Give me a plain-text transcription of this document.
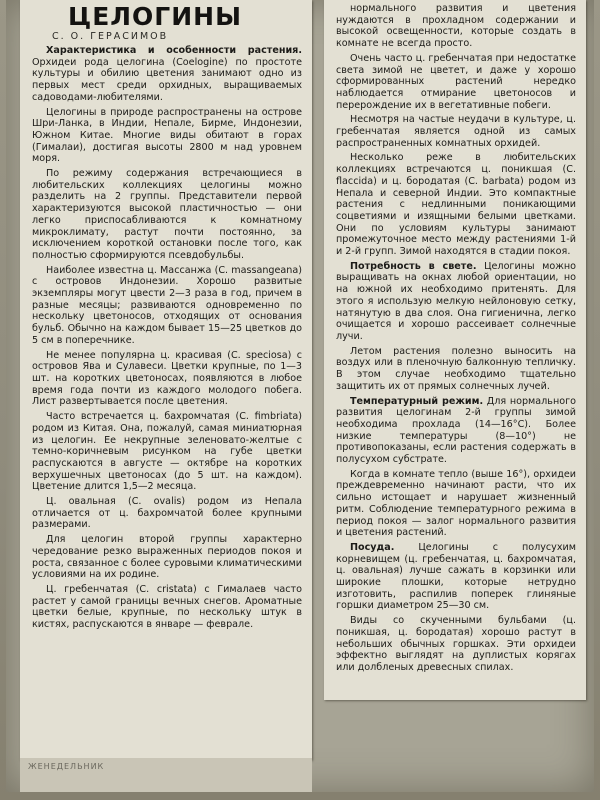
ЦЕЛОГИНЫ
С. О. ГЕРАСИМОВ

Характеристика и особенности растения. Орхидеи рода целогина (Coelogine) по простоте культуры и обилию цветения занимают одно из первых мест среди орхидных, выращиваемых садоводами-любителями.

Целогины в природе распространены на острове Шри-Ланка, в Индии, Непале, Бирме, Индонезии, Южном Китае. Многие виды обитают в горах (Гималаи), достигая высоты 2800 м над уровнем моря.

По режиму содержания встречающиеся в любительских коллекциях целогины можно разделить на 2 группы. Представители первой характеризуются высокой пластичностью — они легко приспосабливаются к комнатному микроклимату, растут почти постоянно, за исключением короткой остановки после того, как полностью сформируются псевдобульбы.

Наиболее известна ц. Массанжа (C. massangeana) с островов Индонезии. Хорошо развитые экземпляры могут цвести 2—3 раза в год, причем в разные месяцы; развиваются одновременно по нескольку цветоносов, отходящих от основания бульб. Обычно на каждом бывает 15—25 цветков до 5 см в поперечнике.

Не менее популярна ц. красивая (C. speciosa) с островов Ява и Сулавеси. Цветки крупные, по 1—3 шт. на коротких цветоносах, появляются в любое время года почти из каждого молодого побега. Лист развертывается после цветения.

Часто встречается ц. бахромчатая (C. fimbriata) родом из Китая. Она, пожалуй, самая миниатюрная из целогин. Ее некрупные зеленовато-желтые с темно-коричневым рисунком на губе цветки распускаются в августе — октябре на коротких верхушечных цветоносах (до 5 шт. на каждом). Цветение длится 1,5—2 месяца.

Ц. овальная (C. ovalis) родом из Непала отличается от ц. бахромчатой более крупными размерами.

Для целогин второй группы характерно чередование резко выраженных периодов покоя и роста, связанное с более суровыми климатическими условиями на их родине.

Ц. гребенчатая (C. cristata) с Гималаев часто растет у самой границы вечных снегов. Ароматные цветки белые, крупные, по нескольку штук в кистях, распускаются в январе — феврале.

нормального развития и цветения нуждаются в прохладном содержании и высокой освещенности, которые создать в комнате не всегда просто.

Очень часто ц. гребенчатая при недостатке света зимой не цветет, и даже у хорошо сформированных растений нередко наблюдается отмирание цветоносов и перерождение их в вегетативные побеги.

Несмотря на частые неудачи в культуре, ц. гребенчатая является одной из самых распространенных комнатных орхидей.

Несколько реже в любительских коллекциях встречаются ц. поникшая (C. flaccida) и ц. бородатая (C. barbata) родом из Непала и северной Индии. Это компактные растения с недлинными поникающими соцветиями и изящными белыми цветками. Они по условиям культуры занимают промежуточное место между растениями 1-й и 2-й групп. Зимой находятся в стадии покоя.

Потребность в свете. Целогины можно выращивать на окнах любой ориентации, но на южной их необходимо притенять. Для этого я использую мелкую нейлоновую сетку, натянутую в два слоя. Она гигиенична, легко очищается и хорошо рассеивает солнечные лучи.

Летом растения полезно выносить на воздух или в пленочную балконную тепличку. В этом случае необходимо тщательно защитить их от прямых солнечных лучей.

Температурный режим. Для нормального развития целогинам 2-й группы зимой необходима прохлада (14—16°С). Более низкие температуры (8—10°) не противопоказаны, если растения содержать в полусухом субстрате.

Когда в комнате тепло (выше 16°), орхидеи преждевременно начинают расти, что их сильно истощает и нарушает жизненный ритм. Соблюдение температурного режима в период покоя — залог нормального развития и цветения растений.

Посуда. Целогины с полусухим корневищем (ц. гребенчатая, ц. бахромчатая, ц. овальная) лучше сажать в корзинки или широкие плошки, которые нетрудно изготовить, распилив поперек глиняные горшки диаметром 25—30 см.

Виды со скученными бульбами (ц. поникшая, ц. бородатая) хорошо растут в небольших обычных горшках. Эти орхидеи эффектно выглядят на дуплистых корягах или долбленых древесных спилах.

ЖЕНЕДЕЛЬНИК
